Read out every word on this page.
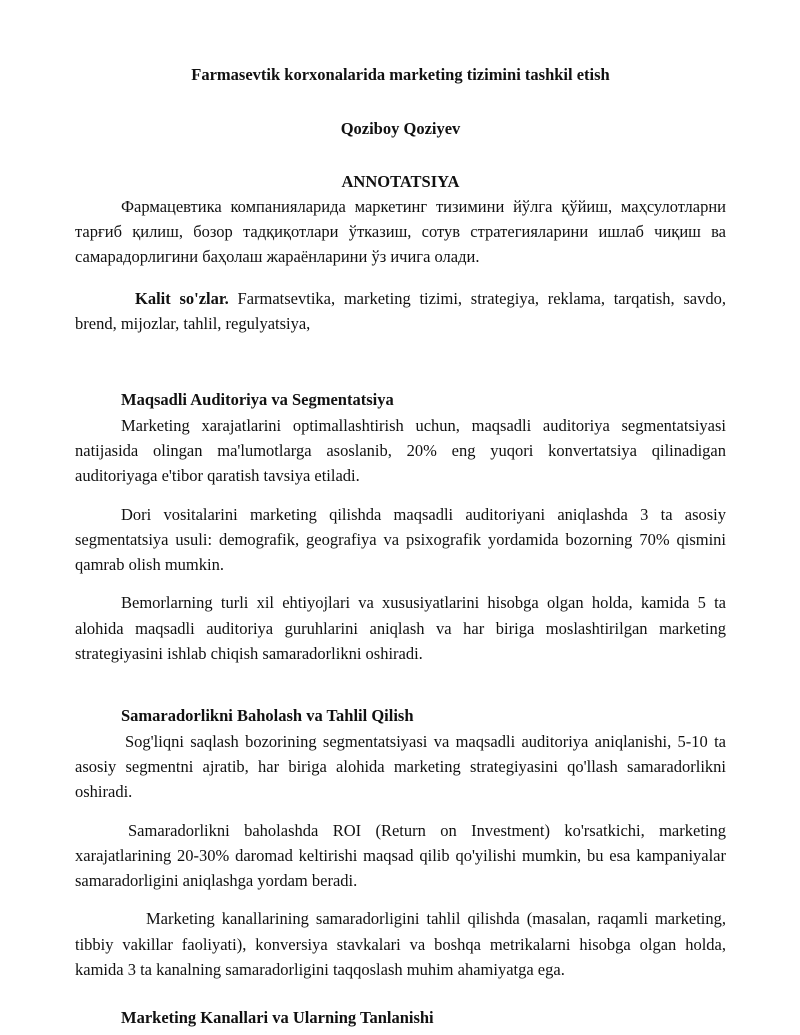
Farmasevtik korxonalarida marketing tizimini tashkil etish

Qoziboy Qoziyev

ANNOTATSIYA

Фармацевтика компанияларида маркетинг тизимини йўлга қўйиш, маҳсулотларни тарғиб қилиш, бозор тадқиқотлари ўтказиш, сотув стратегияларини ишлаб чиқиш ва самарадорлигини баҳолаш жараёнларини ўз ичига олади.

Kalit so'zlar. Farmatsevtika, marketing tizimi, strategiya, reklama, tarqatish, savdo, brend, mijozlar, tahlil, regulyatsiya,

Maqsadli Auditoriya va Segmentatsiya

Marketing xarajatlarini optimallashtirish uchun, maqsadli auditoriya segmentatsiyasi natijasida olingan ma'lumotlarga asoslanib, 20% eng yuqori konvertatsiya qilinadigan auditoriyaga e'tibor qaratish tavsiya etiladi.

Dori vositalarini marketing qilishda maqsadli auditoriyani aniqlashda 3 ta asosiy segmentatsiya usuli: demografik, geografiya va psixografik yordamida bozorning 70% qismini qamrab olish mumkin.

Bemorlarning turli xil ehtiyojlari va xususiyatlarini hisobga olgan holda, kamida 5 ta alohida maqsadli auditoriya guruhlarini aniqlash va har biriga moslashtirilgan marketing strategiyasini ishlab chiqish samaradorlikni oshiradi.

Samaradorlikni Baholash va Tahlil Qilish

Sog'liqni saqlash bozorining segmentatsiyasi va maqsadli auditoriya aniqlanishi, 5-10 ta asosiy segmentni ajratib, har biriga alohida marketing strategiyasini qo'llash samaradorlikni oshiradi.

Samaradorlikni baholashda ROI (Return on Investment) ko'rsatkichi, marketing xarajatlarining 20-30% daromad keltirishi maqsad qilib qo'yilishi mumkin, bu esa kampaniyalar samaradorligini aniqlashga yordam beradi.

Marketing kanallarining samaradorligini tahlil qilishda (masalan, raqamli marketing, tibbiy vakillar faoliyati), konversiya stavkalari va boshqa metrikalarni hisobga olgan holda, kamida 3 ta kanalning samaradorligini taqqoslash muhim ahamiyatga ega.

Marketing Kanallari va Ularning Tanlanishi
